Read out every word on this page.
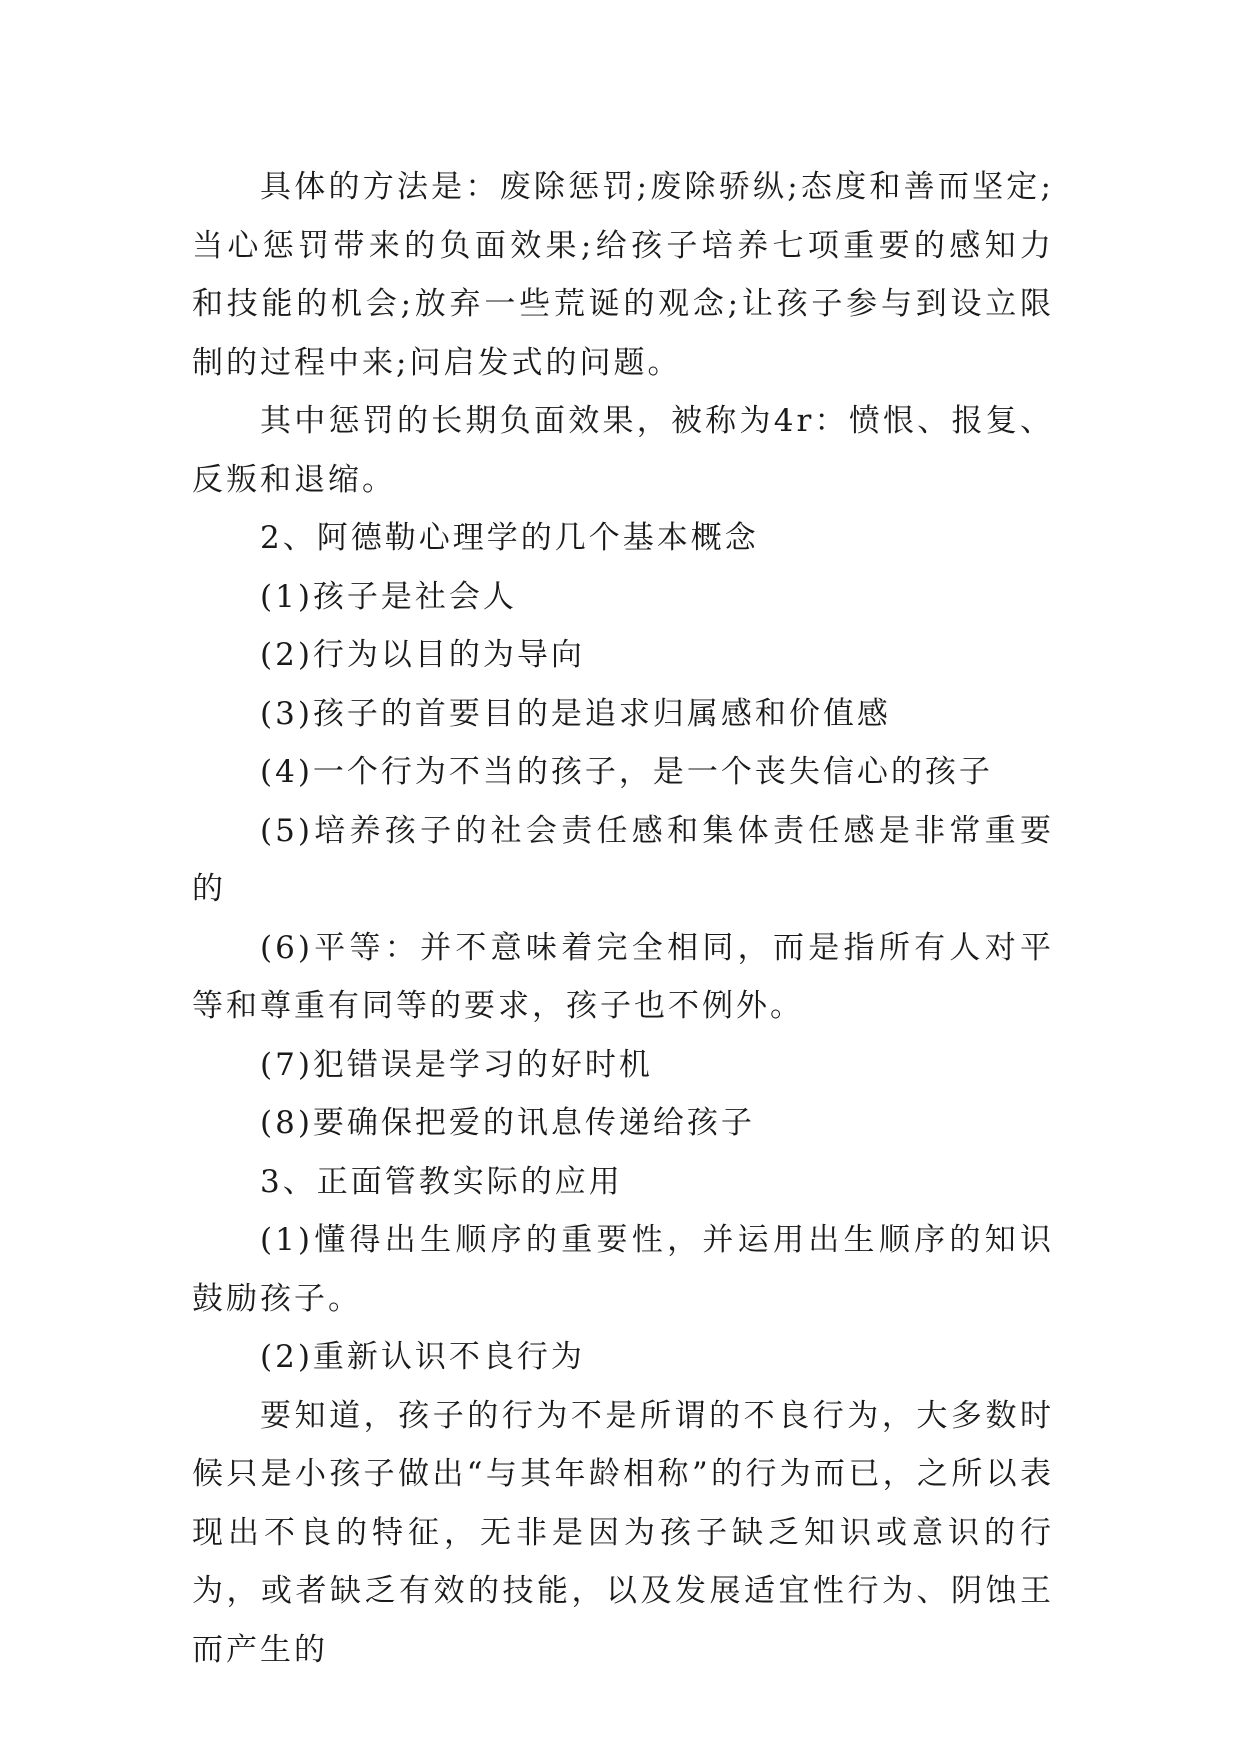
具体的方法是：废除惩罚;废除骄纵;态度和善而坚定;当心惩罚带来的负面效果;给孩子培养七项重要的感知力和技能的机会;放弃一些荒诞的观念;让孩子参与到设立限制的过程中来;问启发式的问题。

其中惩罚的长期负面效果，被称为4r：愤恨、报复、反叛和退缩。

2、阿德勒心理学的几个基本概念

(1)孩子是社会人

(2)行为以目的为导向

(3)孩子的首要目的是追求归属感和价值感

(4)一个行为不当的孩子，是一个丧失信心的孩子

(5)培养孩子的社会责任感和集体责任感是非常重要的

(6)平等：并不意味着完全相同，而是指所有人对平等和尊重有同等的要求，孩子也不例外。

(7)犯错误是学习的好时机

(8)要确保把爱的讯息传递给孩子

3、正面管教实际的应用

(1)懂得出生顺序的重要性，并运用出生顺序的知识鼓励孩子。

(2)重新认识不良行为

要知道，孩子的行为不是所谓的不良行为，大多数时候只是小孩子做出“与其年龄相称”的行为而已，之所以表现出不良的特征，无非是因为孩子缺乏知识或意识的行为，或者缺乏有效的技能，以及发展适宜性行为、阴蚀王而产生的
